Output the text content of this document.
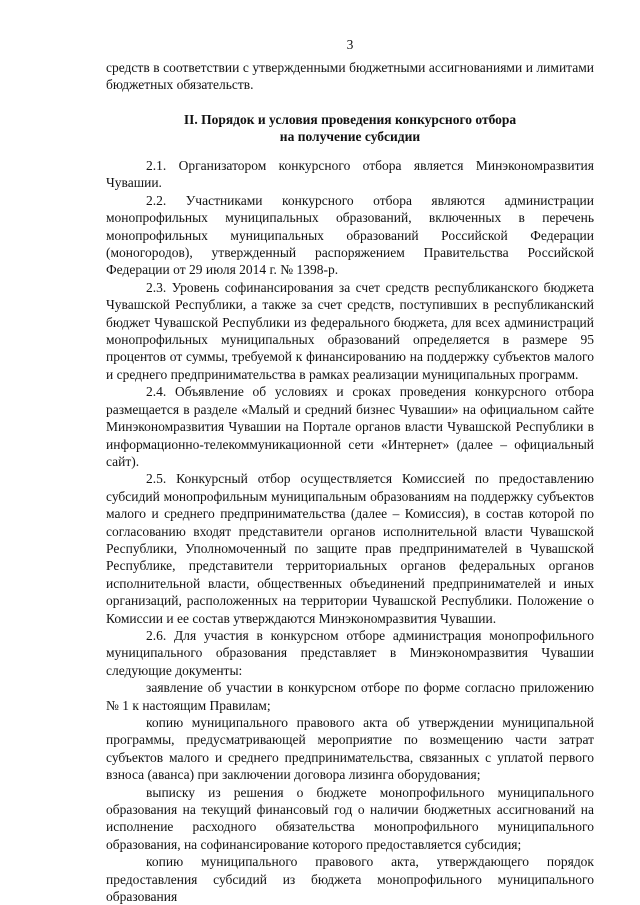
3
средств в соответствии с утвержденными бюджетными ассигнованиями и лимитами бюджетных обязательств.
II. Порядок и условия проведения конкурсного отбора
на получение субсидии

2.1. Организатором конкурсного отбора является Минэкономразвития Чувашии.

2.2. Участниками конкурсного отбора являются администрации монопрофильных муниципальных образований, включенных в перечень монопрофильных муниципальных образований Российской Федерации (моногородов), утвержденный распоряжением Правительства Российской Федерации от 29 июля 2014 г. № 1398-р.

2.3. Уровень софинансирования за счет средств республиканского бюджета Чувашской Республики, а также за счет средств, поступивших в республиканский бюджет Чувашской Республики из федерального бюджета, для всех администраций монопрофильных муниципальных образований определяется в размере 95 процентов от суммы, требуемой к финансированию на поддержку субъектов малого и среднего предпринимательства в рамках реализации муниципальных программ.

2.4. Объявление об условиях и сроках проведения конкурсного отбора размещается в разделе «Малый и средний бизнес Чувашии» на официальном сайте Минэкономразвития Чувашии на Портале органов власти Чувашской Республики в информационно-телекоммуникационной сети «Интернет» (далее – официальный сайт).

2.5. Конкурсный отбор осуществляется Комиссией по предоставлению субсидий монопрофильным муниципальным образованиям на поддержку субъектов малого и среднего предпринимательства (далее – Комиссия), в состав которой по согласованию входят представители органов исполнительной власти Чувашской Республики, Уполномоченный по защите прав предпринимателей в Чувашской Республике, представители территориальных органов федеральных органов исполнительной власти, общественных объединений предпринимателей и иных организаций, расположенных на территории Чувашской Республики. Положение о Комиссии и ее состав утверждаются Минэкономразвития Чувашии.

2.6. Для участия в конкурсном отборе администрация монопрофильного муниципального образования представляет в Минэкономразвития Чувашии следующие документы:

заявление об участии в конкурсном отборе по форме согласно приложению № 1 к настоящим Правилам;

копию муниципального правового акта об утверждении муниципальной программы, предусматривающей мероприятие по возмещению части затрат субъектов малого и среднего предпринимательства, связанных с уплатой первого взноса (аванса) при заключении договора лизинга оборудования;

выписку из решения о бюджете монопрофильного муниципального образования на текущий финансовый год о наличии бюджетных ассигнований на исполнение расходного обязательства монопрофильного муниципального образования, на софинансирование которого предоставляется субсидия;

копию муниципального правового акта, утверждающего порядок предоставления субсидий из бюджета монопрофильного муниципального образования
